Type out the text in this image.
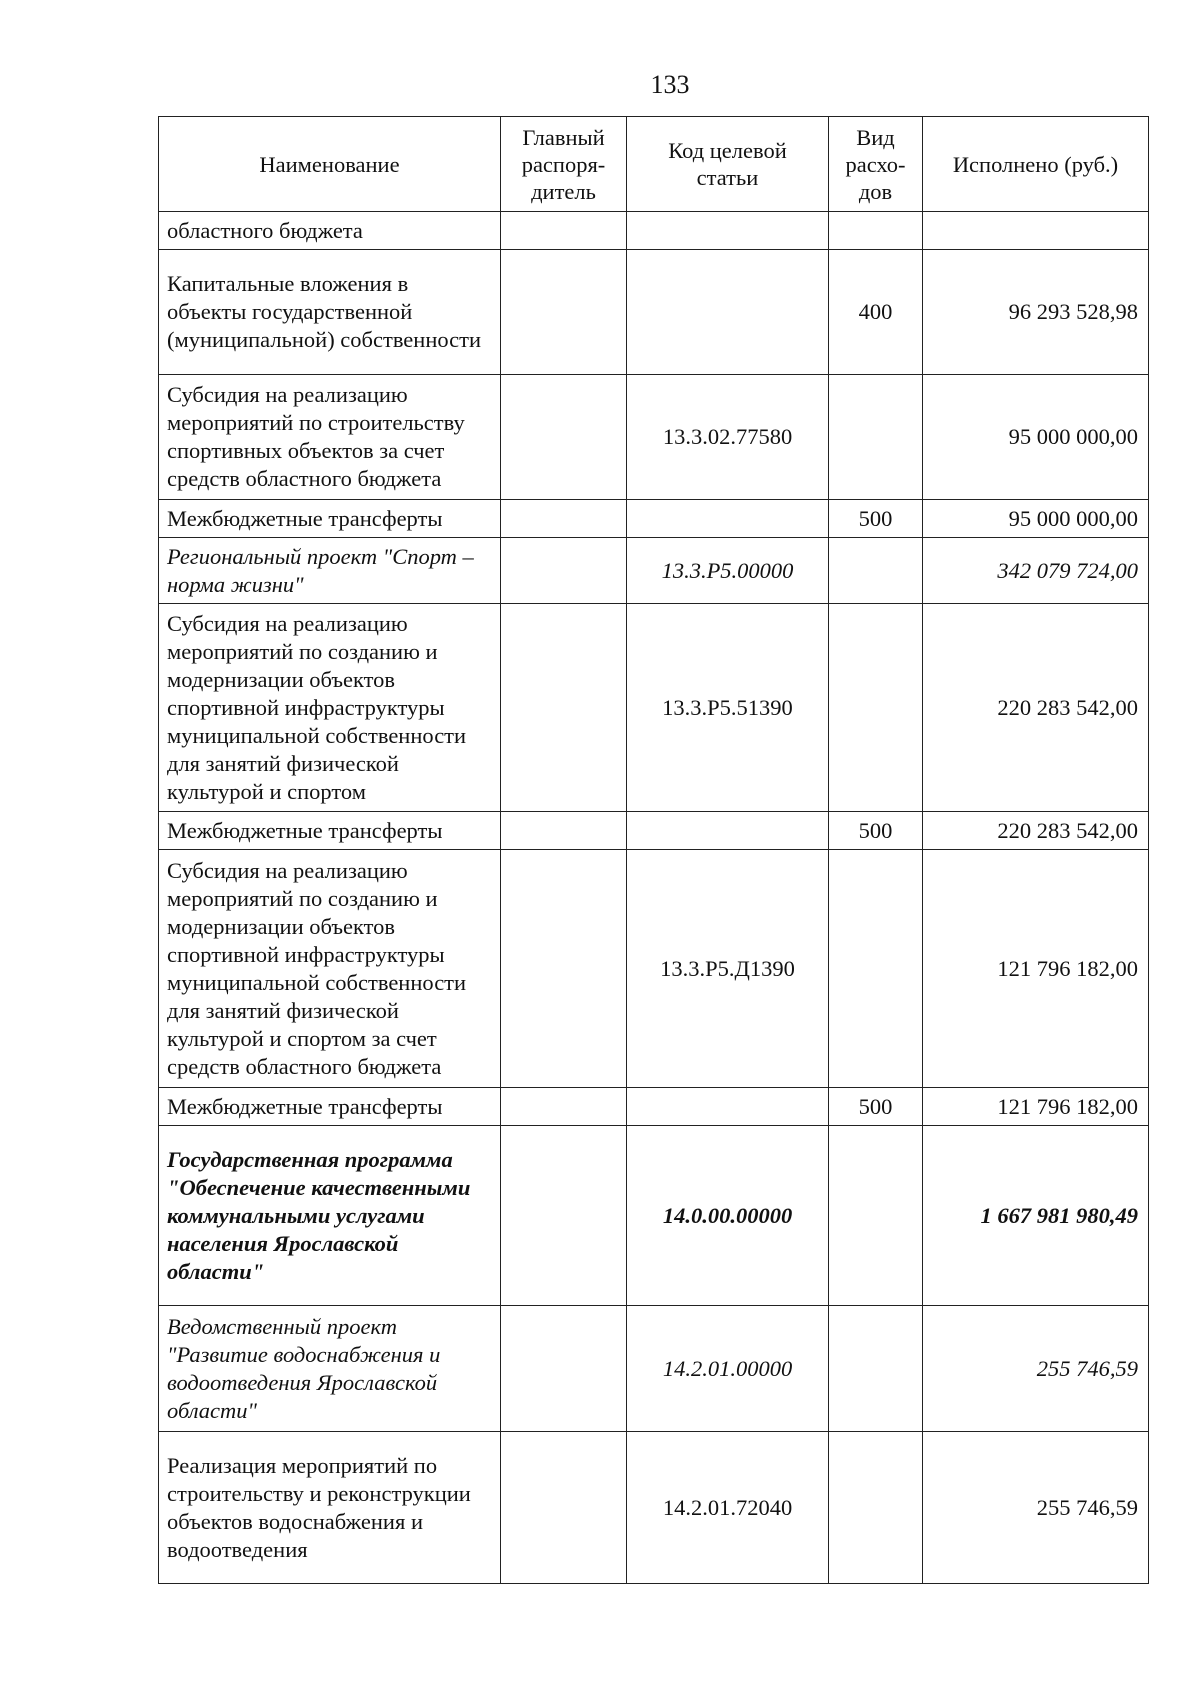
133
Наименование	Главный распоря-дитель	Код целевой статьи	Вид расхо-дов	Исполнено (руб.)
областного бюджета				
Капитальные вложения в объекты государственной (муниципальной) собственности			400	96 293 528,98
Субсидия на реализацию мероприятий по строительству спортивных объектов за счет средств областного бюджета		13.3.02.77580		95 000 000,00
Межбюджетные трансферты			500	95 000 000,00
Региональный проект "Спорт – норма жизни"		13.3.Р5.00000		342 079 724,00
Субсидия на реализацию мероприятий по созданию и модернизации объектов спортивной инфраструктуры муниципальной собственности для занятий физической культурой и спортом		13.3.Р5.51390		220 283 542,00
Межбюджетные трансферты			500	220 283 542,00
Субсидия на реализацию мероприятий по созданию и модернизации объектов спортивной инфраструктуры муниципальной собственности для занятий физической культурой и спортом за счет средств областного бюджета		13.3.Р5.Д1390		121 796 182,00
Межбюджетные трансферты			500	121 796 182,00
Государственная программа "Обеспечение качественными коммунальными услугами населения Ярославской области"		14.0.00.00000		1 667 981 980,49
Ведомственный проект "Развитие водоснабжения и водоотведения Ярославской области"		14.2.01.00000		255 746,59
Реализация мероприятий по строительству и реконструкции объектов водоснабжения и водоотведения		14.2.01.72040		255 746,59
